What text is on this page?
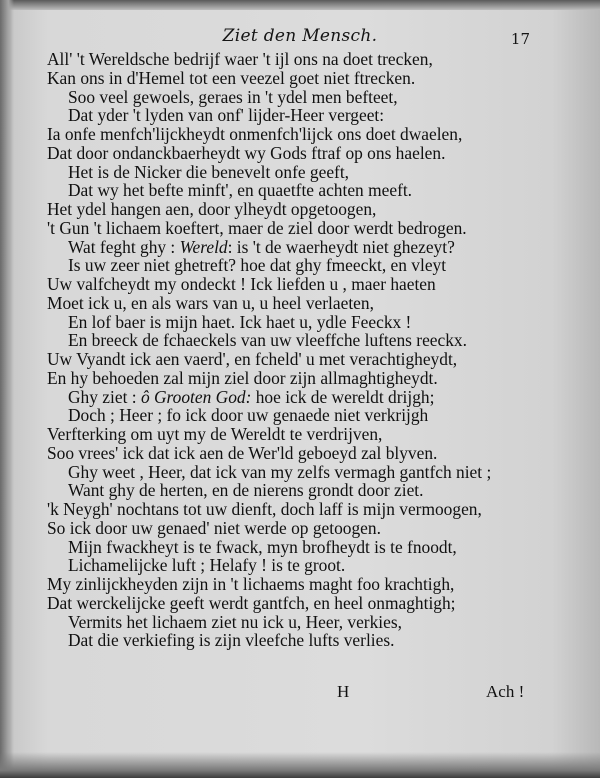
Ziet den Mensch.	17
All' 't Wereldsche bedrijf waer 't ijl ons na doet trecken,
Kan ons in d'Hemel tot een veezel goet niet ftrecken.
Soo veel gewoels, geraes in 't ydel men befteet,
Dat yder 't lyden van onf' lijder-Heer vergeet:
Ia onfe menfch'lijckheydt onmenfch'lijck ons doet dwaelen,
Dat door ondanckbaerheydt wy Gods ftraf op ons haelen.
Het is de Nicker die benevelt onfe geeft,
Dat wy het befte minft', en quaetfte achten meeft.
Het ydel hangen aen, door ylheydt opgetoogen,
't Gun 't lichaem koeftert, maer de ziel door werdt bedrogen.
Wat feght ghy : Wereld: is 't de waerheydt niet ghezeyt?
Is uw zeer niet ghetreft? hoe dat ghy fmeeckt, en vleyt
Uw valfcheydt my ondeckt ! Ick liefden u , maer haeten
Moet ick u, en als wars van u, u heel verlaeten,
En lof baer is mijn haet. Ick haet u, ydle Feeckx !
En breeck de fchaeckels van uw vleeffche luftens reeckx.
Uw Vyandt ick aen vaerd', en fcheld' u met verachtigheydt,
En hy behoeden zal mijn ziel door zijn allmaghtigheydt.
Ghy ziet : ô Grooten God: hoe ick de wereldt drijgh;
Doch ; Heer ; fo ick door uw genaede niet verkrijgh
Verfterking om uyt my de Wereldt te verdrijven,
Soo vrees' ick dat ick aen de Wer'ld geboeyd zal blyven.
Ghy weet , Heer, dat ick van my zelfs vermagh gantfch niet ;
Want ghy de herten, en de nierens grondt door ziet.
'k Neygh' nochtans tot uw dienft, doch laff is mijn vermoogen,
So ick door uw genaed' niet werde op getoogen.
Mijn fwackheyt is te fwack, myn brofheydt is te fnoodt,
Lichamelijcke luft ; Helafy ! is te groot.
My zinlijckheyden zijn in 't lichaems maght foo krachtigh,
Dat werckelijcke geeft werdt gantfch, en heel onmaghtigh;
Vermits het lichaem ziet nu ick u, Heer, verkies,
Dat die verkiefing is zijn vleefche lufts verlies.
H	Ach !
